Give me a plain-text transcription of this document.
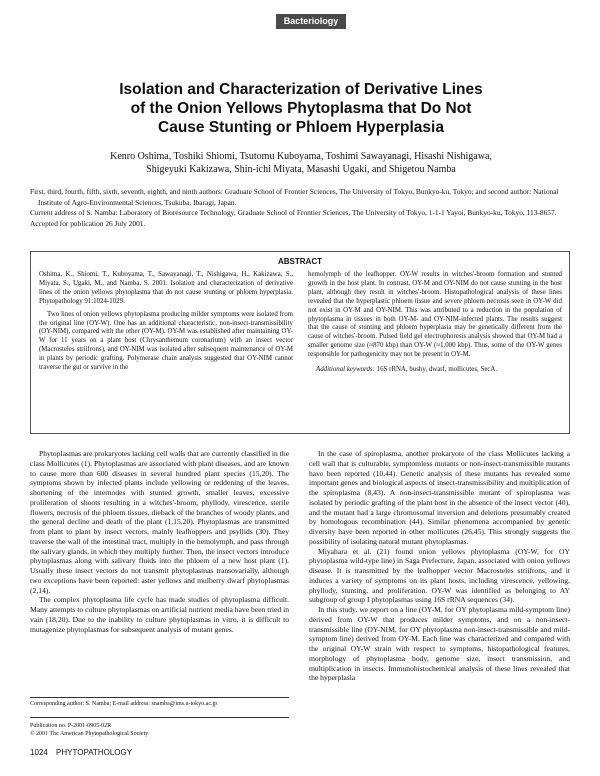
Bacteriology
Isolation and Characterization of Derivative Lines
of the Onion Yellows Phytoplasma that Do Not
Cause Stunting or Phloem Hyperplasia
Kenro Oshima, Toshiki Shiomi, Tsutomu Kuboyama, Toshimi Sawayanagi, Hisashi Nishigawa,
Shigeyuki Kakizawa, Shin-ichi Miyata, Masashi Ugaki, and Shigetou Namba

First, third, fourth, fifth, sixth, seventh, eighth, and ninth authors: Graduate School of Frontier Sciences, The University of Tokyo, Bunkyo-ku, Tokyo; and second author: National Institute of Agro-Environmental Sciences, Tsukuba, Ibaragi, Japan.

Current address of S. Namba: Laboratory of Bioresource Technology, Graduate School of Frontier Sciences, The University of Tokyo, 1-1-1 Yayoi, Bunkyo-ku, Tokyo, 113-8657.

Accepted for publication 26 July 2001.

ABSTRACT

Oshima, K., Shiomi, T., Kuboyama, T., Sawayanagi, T., Nishigawa, H., Kakizawa, S., Miyata, S., Ugaki, M., and Namba, S. 2001. Isolation and characterization of derivative lines of the onion yellows phytoplasma that do not cause stunting or phloem hyperplasia. Phytopathology 91:1024-1029.

Two lines of onion yellows phytoplasma producing milder symptoms were isolated from the original line (OY-W). One has an additional characteristic, non-insect-transmissibility (OY-NIM), compared with the other (OY-M). OY-M was established after maintaining OY-W for 11 years on a plant host (Chrysanthemum coronarium) with an insect vector (Macrosteles striifrons), and OY-NIM was isolated after subsequent maintenance of OY-M in plants by periodic grafting. Polymerase chain analysis suggested that OY-NIM cannot traverse the gut or survive in the

hemolymph of the leafhopper. OY-W results in witches'-broom formation and stunted growth in the host plant. In contrast, OY-M and OY-NIM do not cause stunting in the host plant, although they result in witches'-broom. Histopathological analysis of these lines revealed that the hyperplastic phloem tissue and severe phloem necrosis seen in OY-W did not exist in OY-M and OY-NIM. This was attributed to a reduction in the population of phytoplasma in tissues in both OY-M- and OY-NIM-infected plants. The results suggest that the cause of stunting and phloem hyperplasia may be genetically different from the cause of witches'-broom. Pulsed field gel electrophoresis analysis showed that OY-M had a smaller genome size (≈870 kbp) than OY-W (≈1,000 kbp). Thus, some of the OY-W genes responsible for pathogenicity may not be present in OY-M.

Additional keywords: 16S rRNA, bushy, dwarf, mollicutes, SecA.

Phytoplasmas are prokaryotes lacking cell walls that are currently classified in the class Mollicutes (1). Phytoplasmas are associated with plant diseases, and are known to cause more than 600 diseases in several hundred plant species (15,20). The symptoms shown by infected plants include yellowing or reddening of the leaves, shortening of the internodes with stunted growth, smaller leaves, excessive proliferation of shoots resulting in a witches'-broom, phyllody, virescence, sterile flowers, necrosis of the phloem tissues, dieback of the branches of woody plants, and the general decline and death of the plant (1,15,20). Phytoplasmas are transmitted from plant to plant by insect vectors, mainly leafhoppers and psyllids (30). They traverse the wall of the intestinal tract, multiply in the hemolymph, and pass through the salivary glands, in which they multiply further. Then, the insect vectors introduce phytoplasmas along with salivary fluids into the phloem of a new host plant (1). Usually these insect vectors do not transmit phytoplasmas transovarially, although two exceptions have been reported: aster yellows and mulberry dwarf phytoplasmas (2,14).

The complex phytoplasma life cycle has made studies of phytoplasma difficult. Many attempts to culture phytoplasmas on artificial nutrient media have been tried in vain (18,20). Due to the inability to culture phytoplasmas in vitro, it is difficult to mutagenize phytoplasmas for subsequent analysis of mutant genes.

In the case of spiroplasma, another prokaryote of the class Mollicutes lacking a cell wall that is culturable, symptomless mutants or non-insect-transmissible mutants have been reported (10,44). Genetic analysis of these mutants has revealed some important genes and biological aspects of insect-transmissibility and multiplication of the spiroplasma (8,43). A non-insect-transmissible mutant of spiroplasma was isolated by periodic grafting of the plant host in the absence of the insect vector (40), and the mutant had a large chromosomal inversion and deletions presumably created by homologous recombination (44). Similar phenomena accompanied by genetic diversity have been reported in other mollicutes (26,45). This strongly suggests the possibility of isolating natural mutant phytoplasmas.

Miyahara et al. (21) found onion yellows phytoplasma (OY-W, for OY phytoplasma wild-type line) in Saga Prefecture, Japan, associated with onion yellows disease. It is transmitted by the leafhopper vector Macrosteles striifrons, and it induces a variety of symptoms on its plant hosts, including virescence, yellowing, phyllody, stunting, and proliferation. OY-W was identified as belonging to AY subgroup of group I phytoplasmas using 16S rRNA sequences (34).

In this study, we report on a line (OY-M, for OY phytoplasma mild-symptom line) derived from OY-W that produces milder symptoms, and on a non-insect-transmissible line (OY-NIM, for OY phytoplasma non-insect-transmissible and mild-symptom line) derived from OY-M. Each line was characterized and compared with the original OY-W strain with respect to symptoms, histopathological features, morphology of phytoplasma body, genome size, insect transmission, and multiplication in insects. Immunohistochemical analysis of these lines revealed that the hyperplasia

Corresponding author: S. Namba; E-mail address: snamba@ims.u-tokyo.ac.jp
Publication no. P-2001-0905-02R
© 2001 The American Phytopathological Society
1024 PHYTOPATHOLOGY
